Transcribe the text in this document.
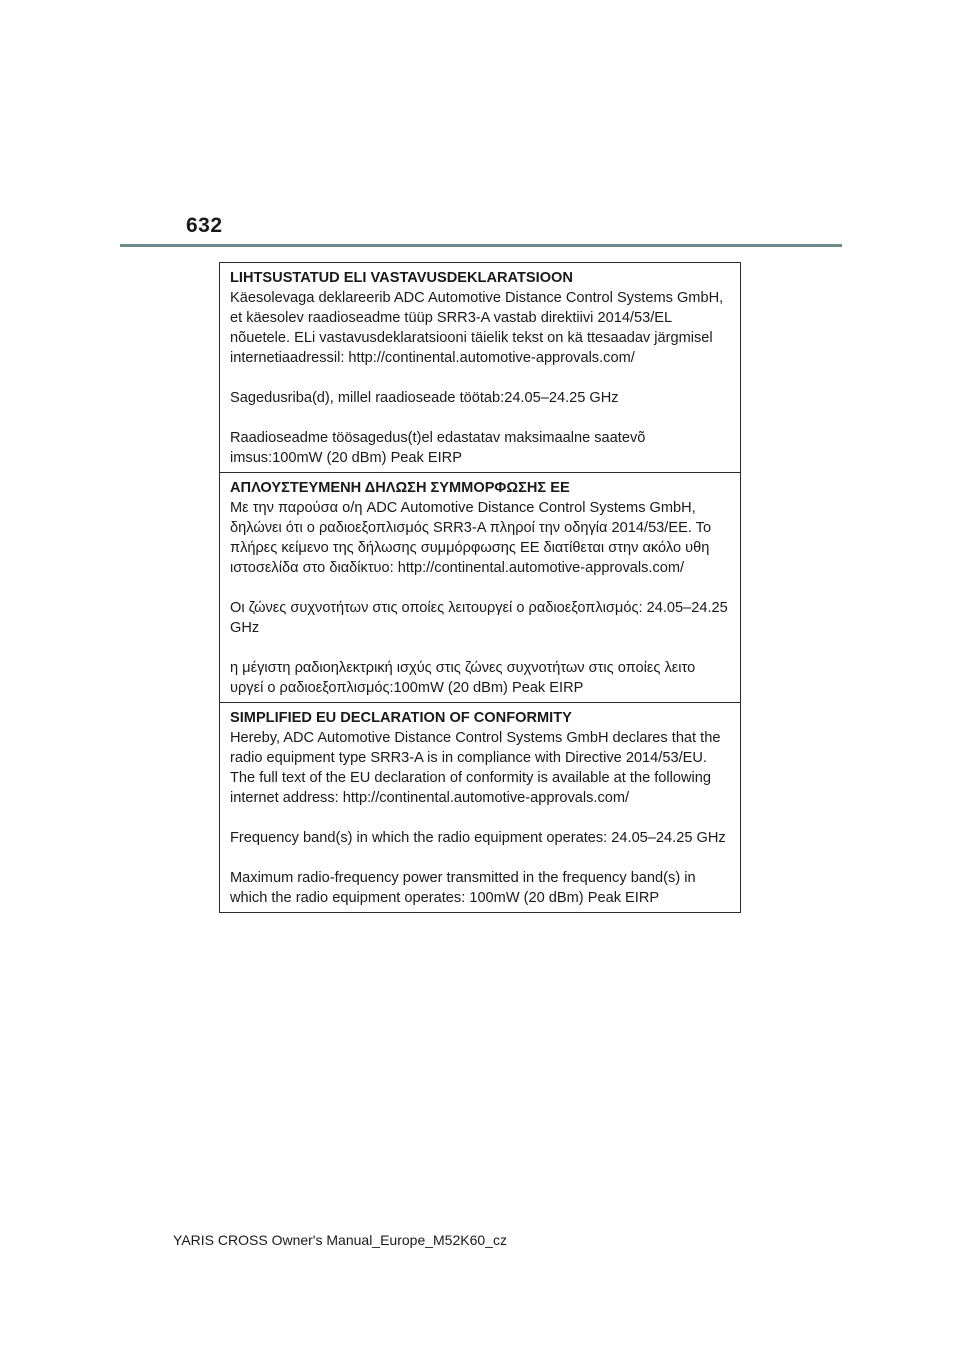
632
LIHTSUSTATUD ELI VASTAVUSDEKLARATSIOON
Käesolevaga deklareerib ADC Automotive Distance Control Systems GmbH, et käesolev raadioseadme tüüp SRR3-A vastab direktiivi 2014/53/EL nõuetele. ELi vastavusdeklaratsiooni täielik tekst on kä ttesaadav järgmisel internetiaadressil: http://continental.automotive-approvals.com/
Sagedusriba(d), millel raadioseade töötab:24.05–24.25 GHz
Raadioseadme töösagedus(t)el edastatav maksimaalne saatevõ imsus:100mW (20 dBm) Peak EIRP
ΑΠΛΟΥΣΤΕΥΜΕΝΗ ΔΗΛΩΣΗ ΣΥΜΜΟΡΦΩΣΗΣ ΕΕ
Με την παρούσα ο/η ADC Automotive Distance Control Systems GmbH, δηλώνει ότι ο ραδιοεξοπλισμός SRR3-A πληροί την οδηγία 2014/53/ΕΕ. Το πλήρες κείμενο της δήλωσης συμμόρφωσης ΕΕ διατίθεται στην ακόλο υθη ιστοσελίδα στο διαδίκτυο: http://continental.automotive-approvals.com/
Οι ζώνες συχνοτήτων στις οποίες λειτουργεί ο ραδιοεξοπλισμός: 24.05–24.25 GHz
η μέγιστη ραδιοηλεκτρική ισχύς στις ζώνες συχνοτήτων στις οποίες λειτο υργεί ο ραδιοεξοπλισμός:100mW (20 dBm) Peak EIRP
SIMPLIFIED EU DECLARATION OF CONFORMITY
Hereby, ADC Automotive Distance Control Systems GmbH declares that the radio equipment type SRR3-A is in compliance with Directive 2014/53/EU. The full text of the EU declaration of conformity is available at the following internet address: http://continental.automotive-approvals.com/
Frequency band(s) in which the radio equipment operates: 24.05–24.25 GHz
Maximum radio-frequency power transmitted in the frequency band(s) in which the radio equipment operates: 100mW (20 dBm) Peak EIRP
YARIS CROSS Owner's Manual_Europe_M52K60_cz
